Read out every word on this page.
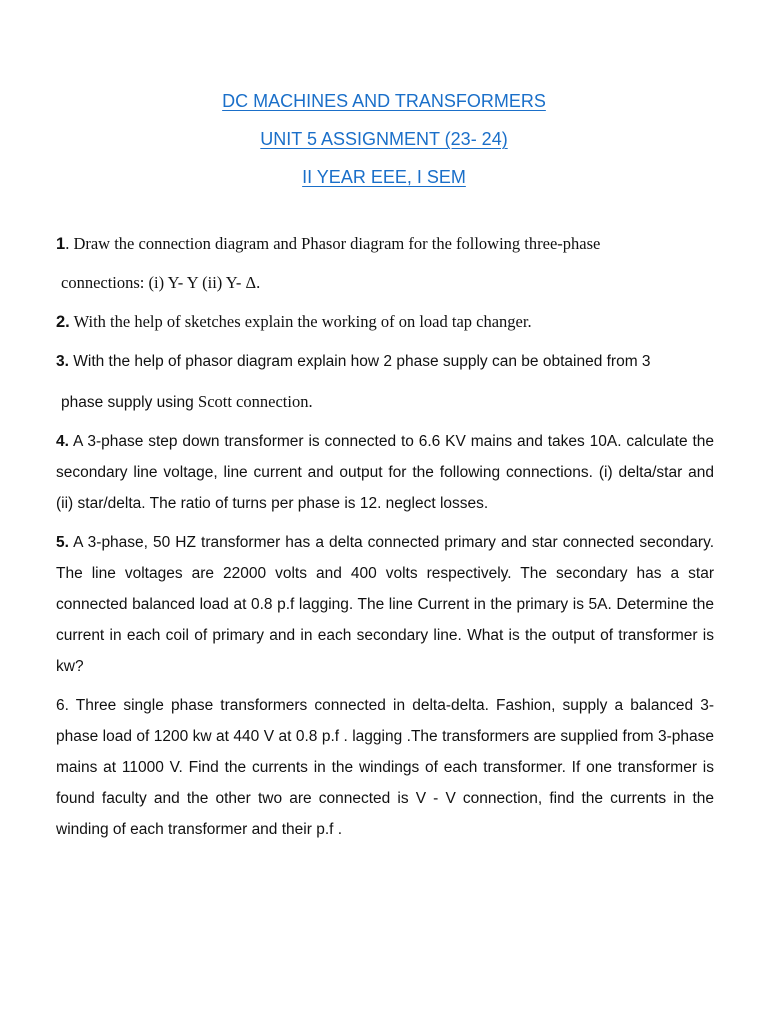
DC MACHINES AND TRANSFORMERS
UNIT 5 ASSIGNMENT (23- 24)
II YEAR EEE, I SEM
1. Draw the connection diagram and Phasor diagram for the following three-phase
connections: (i) Y- Y (ii) Y- Δ.
2. With the help of sketches explain the working of on load tap changer.
3. With the help of phasor diagram explain how 2 phase supply can be obtained from 3
phase supply using Scott connection.
4. A 3-phase step down transformer is connected to 6.6 KV mains and takes 10A. calculate the secondary line voltage, line current and output for the following connections. (i) delta/star and (ii) star/delta. The ratio of turns per phase is 12. neglect losses.
5. A 3-phase, 50 HZ transformer has a delta connected primary and star connected secondary. The line voltages are 22000 volts and 400 volts respectively. The secondary has a star connected balanced load at 0.8 p.f lagging. The line Current in the primary is 5A. Determine the current in each coil of primary and in each secondary line. What is the output of transformer is kw?
6. Three single phase transformers connected in delta-delta. Fashion, supply a balanced 3-phase load of 1200 kw at 440 V at 0.8 p.f . lagging .The transformers are supplied from 3-phase mains at 11000 V. Find the currents in the windings of each transformer. If one transformer is found faculty and the other two are connected is V - V connection, find the currents in the winding of each transformer and their p.f .
